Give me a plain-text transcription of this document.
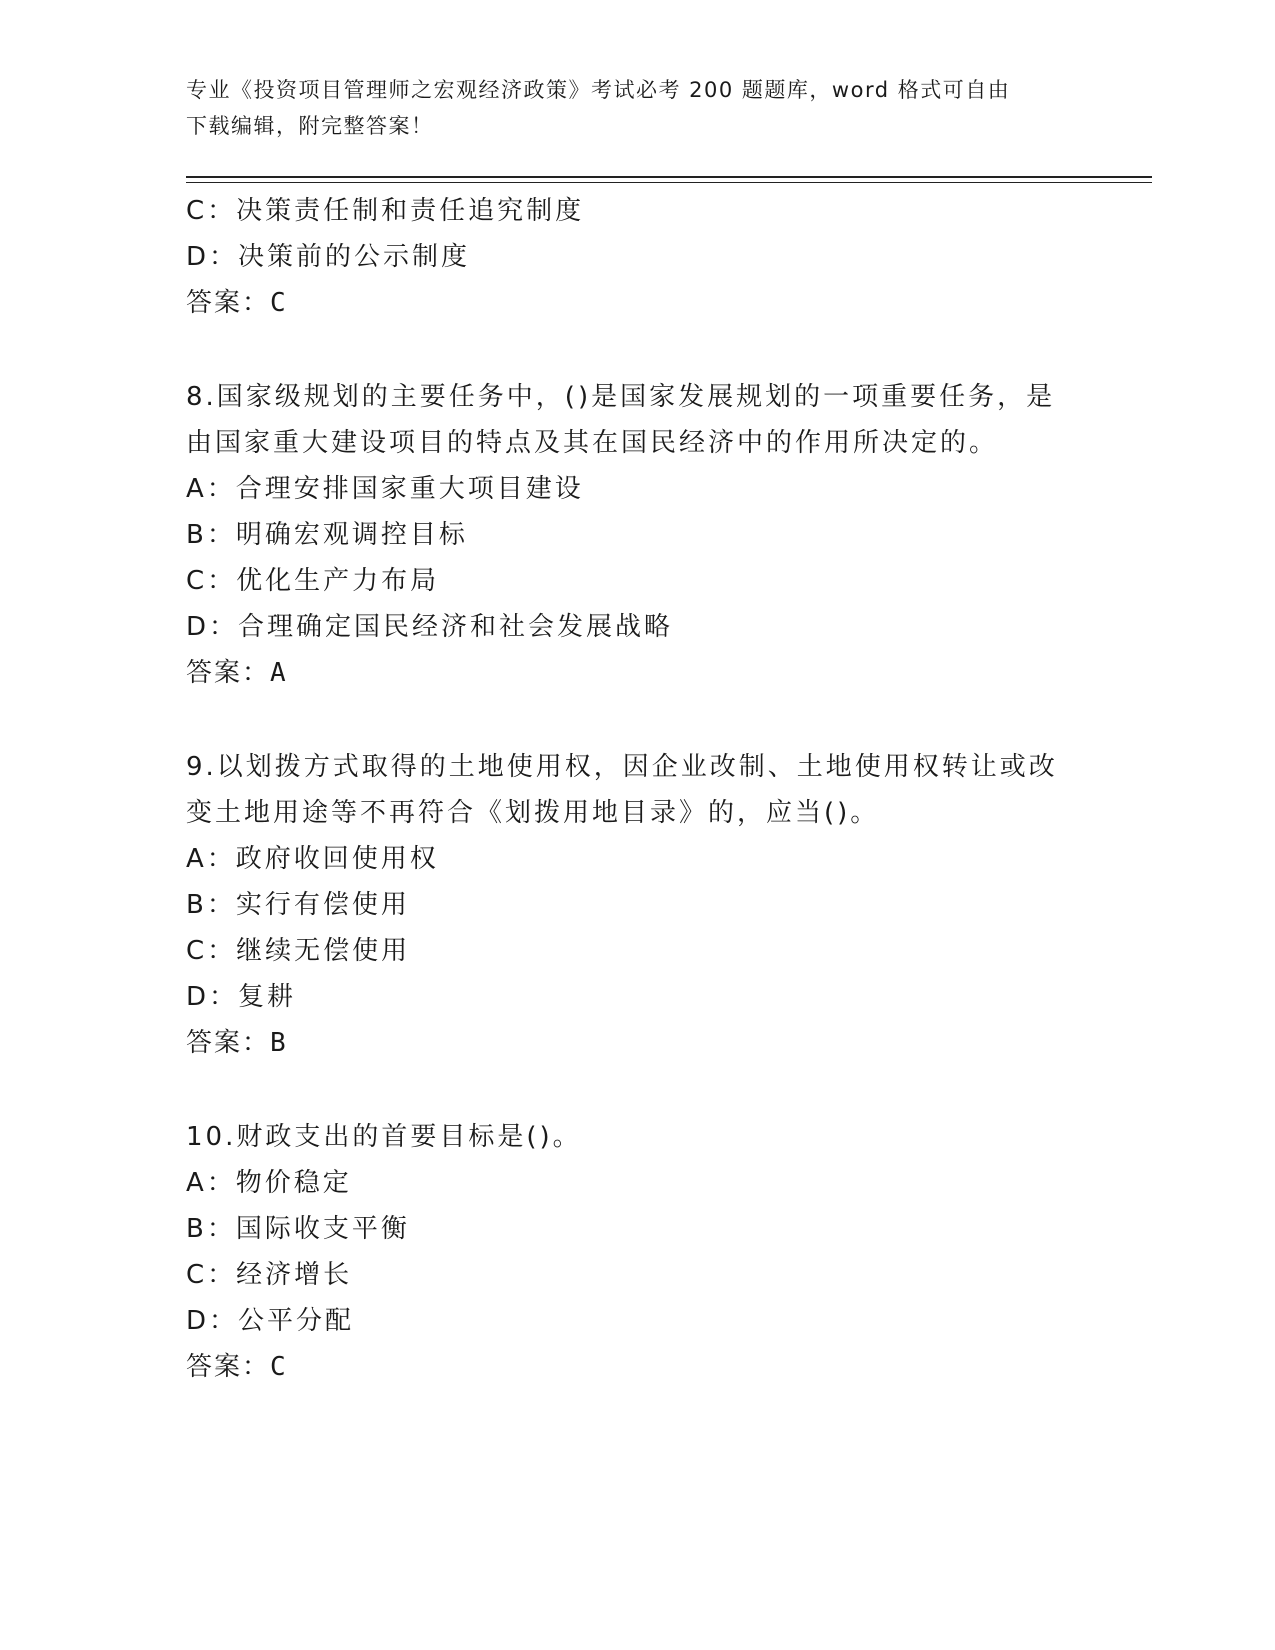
专业《投资项目管理师之宏观经济政策》考试必考 200 题题库，word 格式可自由
下载编辑，附完整答案！
C：决策责任制和责任追究制度
D：决策前的公示制度
答案：C
8.国家级规划的主要任务中，()是国家发展规划的一项重要任务，是
由国家重大建设项目的特点及其在国民经济中的作用所决定的。
A：合理安排国家重大项目建设
B：明确宏观调控目标
C：优化生产力布局
D：合理确定国民经济和社会发展战略
答案：A
9.以划拨方式取得的土地使用权，因企业改制、土地使用权转让或改
变土地用途等不再符合《划拨用地目录》的，应当()。
A：政府收回使用权
B：实行有偿使用
C：继续无偿使用
D：复耕
答案：B
10.财政支出的首要目标是()。
A：物价稳定
B：国际收支平衡
C：经济增长
D：公平分配
答案：C
